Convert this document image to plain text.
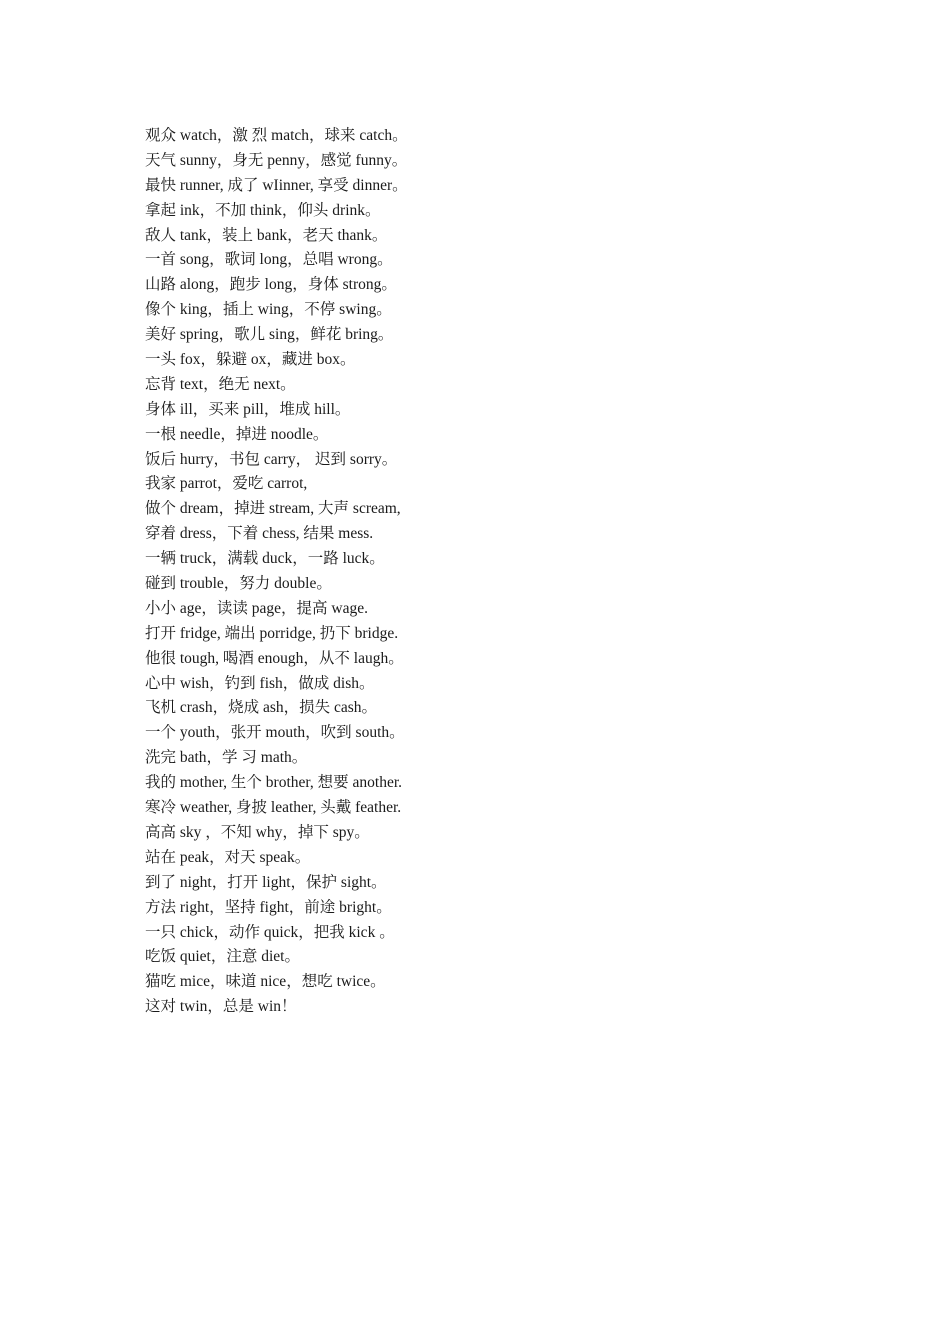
观众 watch，激 烈 match，球来 catch。
天气 sunny，身无 penny，感觉 funny。
最快 runner, 成了 wIinner, 享受 dinner。
拿起 ink，不加 think，仰头 drink。
敌人 tank，装上 bank，老天 thank。
一首 song，歌词 long，总唱 wrong。
山路 along，跑步 long，身体 strong。
像个 king，插上 wing，不停 swing。
美好 spring，歌儿 sing，鲜花 bring。
一头 fox，躲避 ox，藏进 box。
忘背 text，绝无 next。
身体 ill，买来 pill，堆成 hill。
一根 needle，掉进 noodle。
饭后 hurry，书包 carry， 迟到 sorry。
我家 parrot，爱吃 carrot,
做个 dream，掉进 stream, 大声 scream,
穿着 dress，下着 chess, 结果 mess.
一辆 truck，满载 duck，一路 luck。
碰到 trouble，努力 double。
小小 age，读读 page，提高 wage.
打开 fridge, 端出 porridge, 扔下 bridge.
他很 tough, 喝酒 enough，从不 laugh。
心中 wish，钓到 fish，做成 dish。
飞机 crash，烧成 ash，损失 cash。
一个 youth，张开 mouth，吹到 south。
洗完 bath，学 习 math。
我的 mother, 生个 brother, 想要 another.
寒冷 weather, 身披 leather, 头戴 feather.
高高 sky ，不知 why，掉下 spy。
站在 peak，对天 speak。
到了 night，打开 light，保护 sight。
方法 right，坚持 fight，前途 bright。
一只 chick，动作 quick，把我 kick 。
吃饭 quiet，注意 diet。
猫吃 mice，味道 nice，想吃 twice。
这对 twin，总是 win！
